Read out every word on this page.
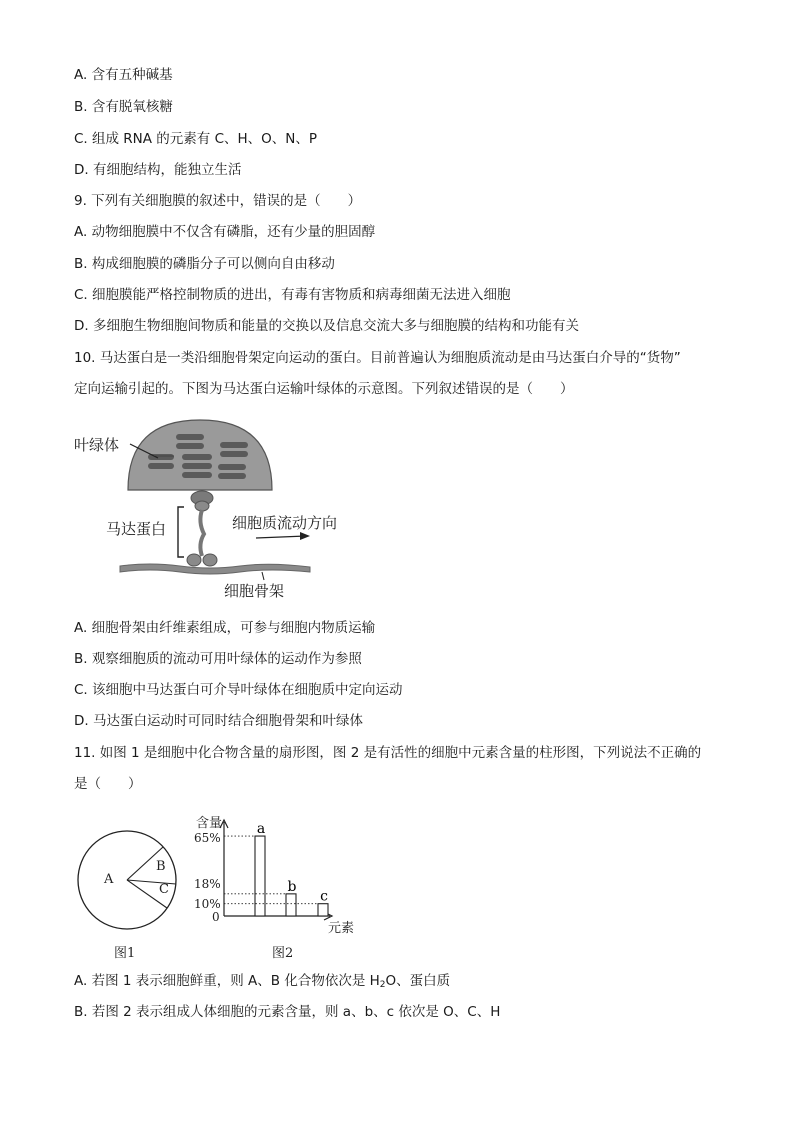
A. 含有五种碱基
B. 含有脱氧核糖
C. 组成 RNA 的元素有 C、H、O、N、P
D. 有细胞结构，能独立生活
9. 下列有关细胞膜的叙述中，错误的是（　　）
A. 动物细胞膜中不仅含有磷脂，还有少量的胆固醇
B. 构成细胞膜的磷脂分子可以侧向自由移动
C. 细胞膜能严格控制物质的进出，有毒有害物质和病毒细菌无法进入细胞
D. 多细胞生物细胞间物质和能量的交换以及信息交流大多与细胞膜的结构和功能有关
10. 马达蛋白是一类沿细胞骨架定向运动的蛋白。目前普遍认为细胞质流动是由马达蛋白介导的“货物”
定向运输引起的。下图为马达蛋白运输叶绿体的示意图。下列叙述错误的是（　　）
叶绿体
马达蛋白	细胞质流动方向
细胞骨架
A. 细胞骨架由纤维素组成，可参与细胞内物质运输
B. 观察细胞质的流动可用叶绿体的运动作为参照
C. 该细胞中马达蛋白可介导叶绿体在细胞质中定向运动
D. 马达蛋白运动时可同时结合细胞骨架和叶绿体
11. 如图 1 是细胞中化合物含量的扇形图，图 2 是有活性的细胞中元素含量的柱形图，下列说法不正确的
是（　　）
A
B
C
图1
a
b
c
含量
元素
65%
18%
10%
0
图2
A. 若图 1 表示细胞鲜重，则 A、B 化合物依次是 $H_2O$、蛋白质
B. 若图 2 表示组成人体细胞的元素含量，则 a、b、c 依次是 O、C、H
